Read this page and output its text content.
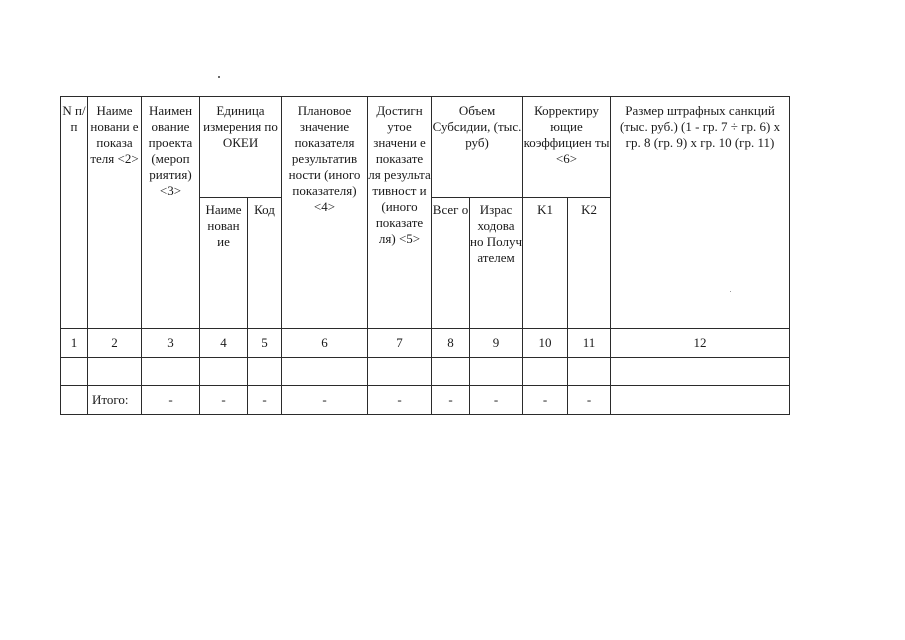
N п/п	Наиме новани е показа теля <2>	Наимен ование проекта (мероп риятия) <3>	Единица измерения по ОКЕИ		Плановое значение показателя результатив ности (иного показателя) <4>	Достигн утое значени е показате ля результа тивност и (иного показате ля) <5>	Объем Субсидии, (тыс. руб)		Корректиру ющие коэффициен ты <6>		Размер штрафных санкций (тыс. руб.) (1 - гр. 7 ÷ гр. 6) x гр. 8 (гр. 9) x гр. 10 (гр. 11)
			Наиме нован ие	Код			Всег о	Израс ходова но Получ ателем	K1	K2	
1	2	3	4	5	6	7	8	9	10	11	12

	Итого:	-	-	-	-	-	-	-	-	-	
